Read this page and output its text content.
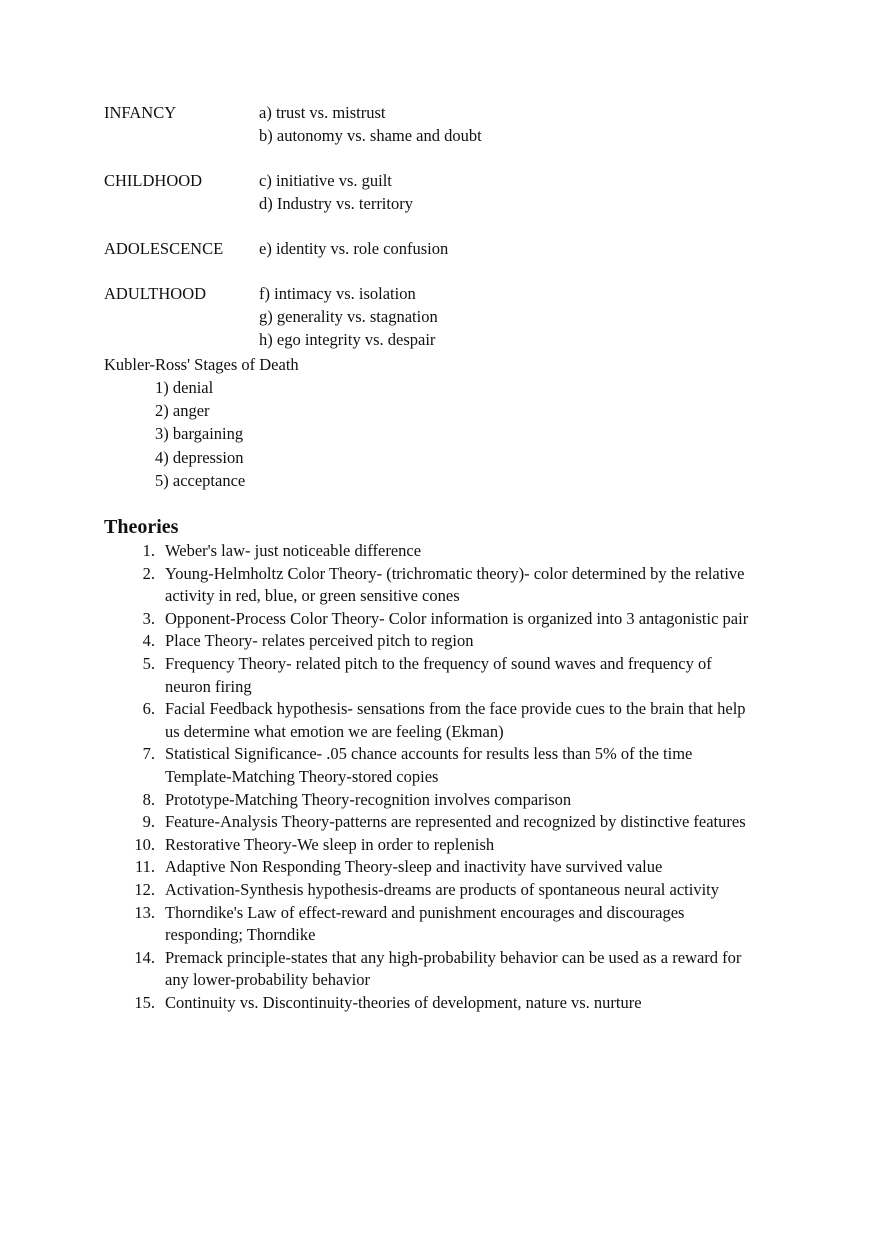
INFANCY	a) trust vs. mistrust
b) autonomy vs. shame and doubt
CHILDHOOD	c) initiative vs. guilt
d) Industry vs. territory
ADOLESCENCE	e) identity vs. role confusion
ADULTHOOD	f) intimacy vs. isolation
g) generality vs. stagnation
h) ego integrity vs. despair
Kubler-Ross' Stages of Death
1) denial
2) anger
3) bargaining
4) depression
5) acceptance
Theories
1. Weber's law- just noticeable difference
2. Young-Helmholtz Color Theory- (trichromatic theory)- color determined by the relative
activity in red, blue, or green sensitive cones
3. Opponent-Process Color Theory- Color information is organized into 3 antagonistic pair
4. Place Theory- relates perceived pitch to region
5. Frequency Theory- related pitch to the frequency of sound waves and frequency of
neuron firing
6. Facial Feedback hypothesis- sensations from the face provide cues to the brain that help
us determine what emotion we are feeling (Ekman)
7. Statistical Significance- .05 chance accounts for results less than 5% of the time
Template-Matching Theory-stored copies
8. Prototype-Matching Theory-recognition involves comparison
9. Feature-Analysis Theory-patterns are represented and recognized by distinctive features
10. Restorative Theory-We sleep in order to replenish
11. Adaptive Non Responding Theory-sleep and inactivity have survived value
12. Activation-Synthesis hypothesis-dreams are products of spontaneous neural activity
13. Thorndike's Law of effect-reward and punishment encourages and discourages
responding; Thorndike
14. Premack principle-states that any high-probability behavior can be used as a reward for
any lower-probability behavior
15. Continuity vs. Discontinuity-theories of development, nature vs. nurture
